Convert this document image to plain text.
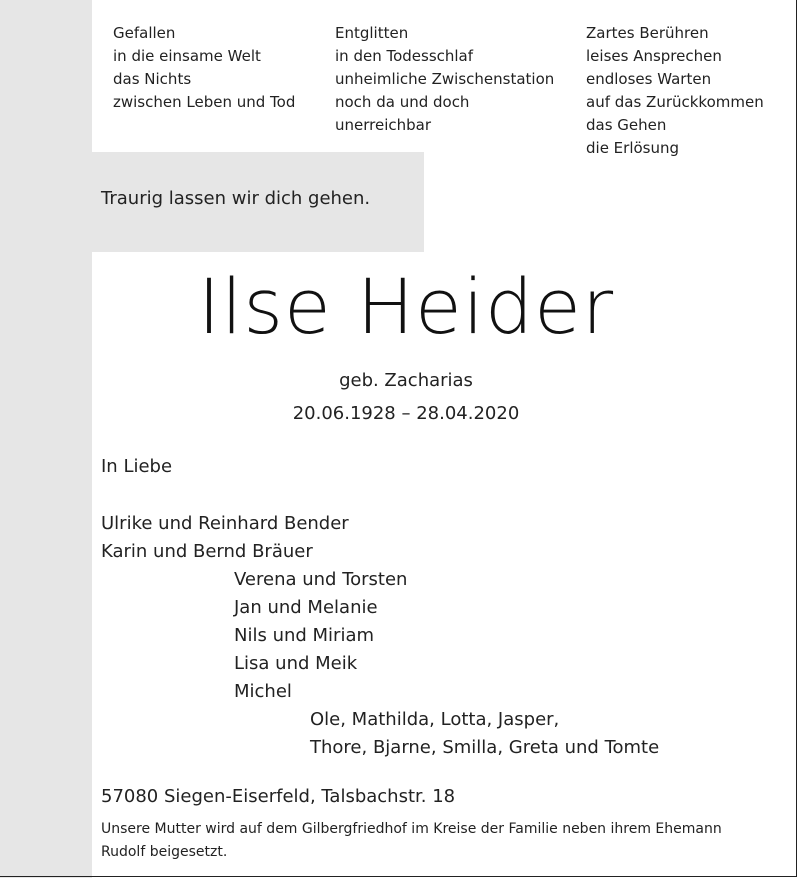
Gefallen
in die einsame Welt
das Nichts
zwischen Leben und Tod
Entglitten
in den Todesschlaf
unheimliche Zwischenstation
noch da und doch
unerreichbar
Zartes Berühren
leises Ansprechen
endloses Warten
auf das Zurückkommen
das Gehen
die Erlösung
Traurig lassen wir dich gehen.
Ilse Heider
geb. Zacharias
20.06.1928 – 28.04.2020
In Liebe
Ulrike und Reinhard Bender
Karin und Bernd Bräuer
Verena und Torsten
Jan und Melanie
Nils und Miriam
Lisa und Meik
Michel
Ole, Mathilda, Lotta, Jasper,
Thore, Bjarne, Smilla, Greta und Tomte
57080 Siegen-Eiserfeld, Talsbachstr. 18

Unsere Mutter wird auf dem Gilbergfriedhof im Kreise der Familie neben ihrem Ehemann Rudolf beigesetzt.
